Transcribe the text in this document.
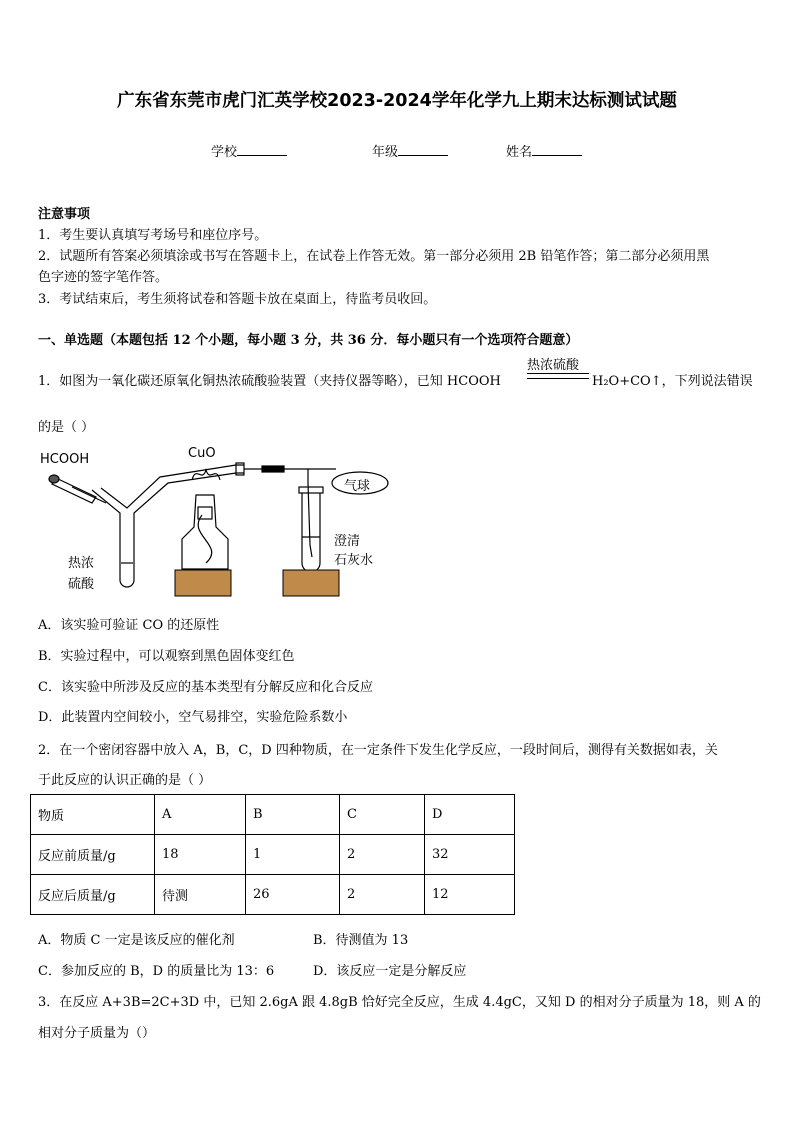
广东省东莞市虎门汇英学校2023-2024学年化学九上期末达标测试试题
学校	年级	姓名
注意事项
1．考生要认真填写考场号和座位序号。
2．试题所有答案必须填涂或书写在答题卡上，在试卷上作答无效。第一部分必须用 2B 铅笔作答；第二部分必须用黑
色字迹的签字笔作答。
3．考试结束后，考生须将试卷和答题卡放在桌面上，待监考员收回。
一、单选题（本题包括 12 个小题，每小题 3 分，共 36 分．每小题只有一个选项符合题意）
1．如图为一氧化碳还原氧化铜热浓硫酸验装置（夹持仪器等略），已知 HCOOH
热浓硫酸
H₂O+CO↑，下列说法错误
的是（ ）
HCOOH	CuO
气球
热浓
硫酸
澄清
石灰水
A．该实验可验证 CO 的还原性
B．实验过程中，可以观察到黑色固体变红色
C．该实验中所涉及反应的基本类型有分解反应和化合反应
D．此装置内空间较小，空气易排空，实验危险系数小
2．在一个密闭容器中放入 A，B，C，D 四种物质，在一定条件下发生化学反应，一段时间后，测得有关数据如表，关
于此反应的认识正确的是（ ）
物质	A	B	C	D
反应前质量/g	18	1	2	32
反应后质量/g	待测	26	2	12
A．物质 C 一定是该反应的催化剂	B．待测值为 13
C．参加反应的 B，D 的质量比为 13：6	D．该反应一定是分解反应
3．在反应 A+3B=2C+3D 中，已知 2.6gA 跟 4.8gB 恰好完全反应，生成 4.4gC，又知 D 的相对分子质量为 18，则 A 的
相对分子质量为（）
